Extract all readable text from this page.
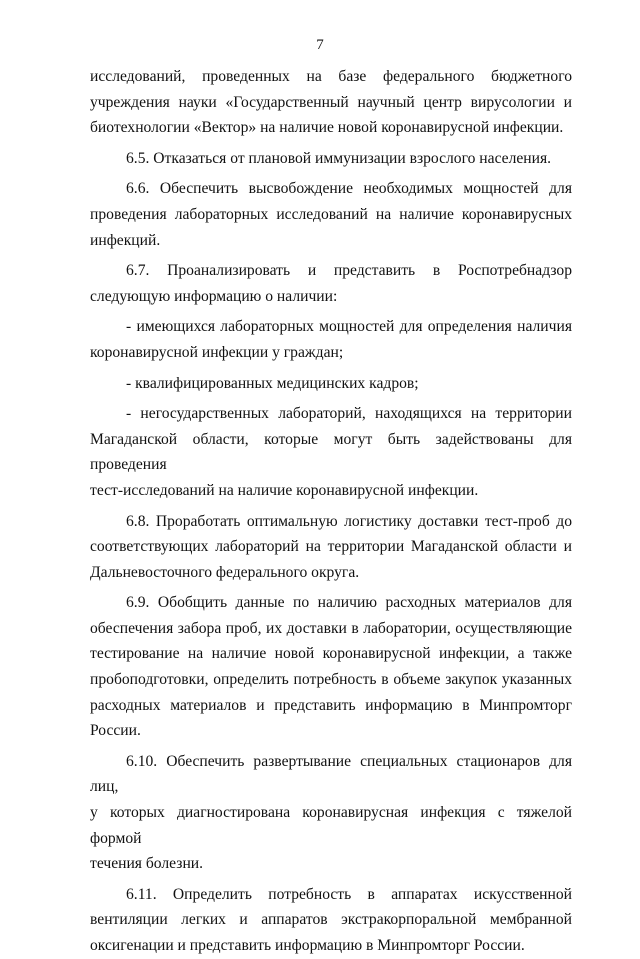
7

исследований, проведенных на базе федерального бюджетного
учреждения науки «Государственный научный центр вирусологии и
биотехнологии «Вектор» на наличие новой коронавирусной инфекции.

6.5. Отказаться от плановой иммунизации взрослого населения.

6.6. Обеспечить высвобождение необходимых мощностей для
проведения лабораторных исследований на наличие коронавирусных
инфекций.

6.7. Проанализировать и представить в Роспотребнадзор
следующую информацию о наличии:

- имеющихся лабораторных мощностей для определения наличия
коронавирусной инфекции у граждан;

- квалифицированных медицинских кадров;

- негосударственных лабораторий, находящихся на территории
Магаданской области, которые могут быть задействованы для проведения
тест-исследований на наличие коронавирусной инфекции.

6.8. Проработать оптимальную логистику доставки тест-проб до
соответствующих лабораторий на территории Магаданской области и
Дальневосточного федерального округа.

6.9. Обобщить данные по наличию расходных материалов для
обеспечения забора проб, их доставки в лаборатории, осуществляющие
тестирование на наличие новой коронавирусной инфекции, а также
пробоподготовки, определить потребность в объеме закупок указанных
расходных материалов и представить информацию в Минпромторг
России.

6.10. Обеспечить развертывание специальных стационаров для лиц,
у которых диагностирована коронавирусная инфекция с тяжелой формой
течения болезни.

6.11. Определить потребность в аппаратах искусственной
вентиляции легких и аппаратов экстракорпоральной мембранной
оксигенации и представить информацию в Минпромторг России.
